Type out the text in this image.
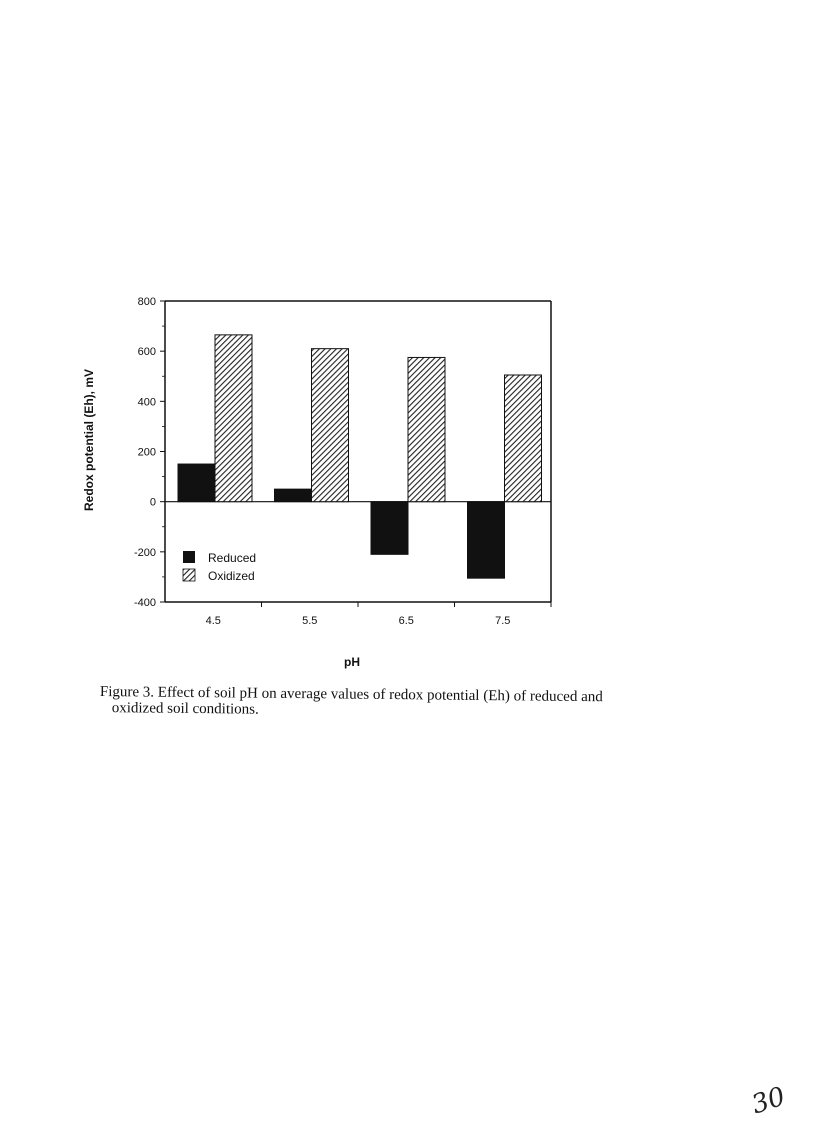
800
600
400
200
0
-200
-400
4.5	5.5	6.5	7.5
pH
Redox potential (Eh), mV
Reduced
Oxidized
Figure 3. Effect of soil pH on average values of redox potential (Eh) of reduced and
oxidized soil conditions.
30
